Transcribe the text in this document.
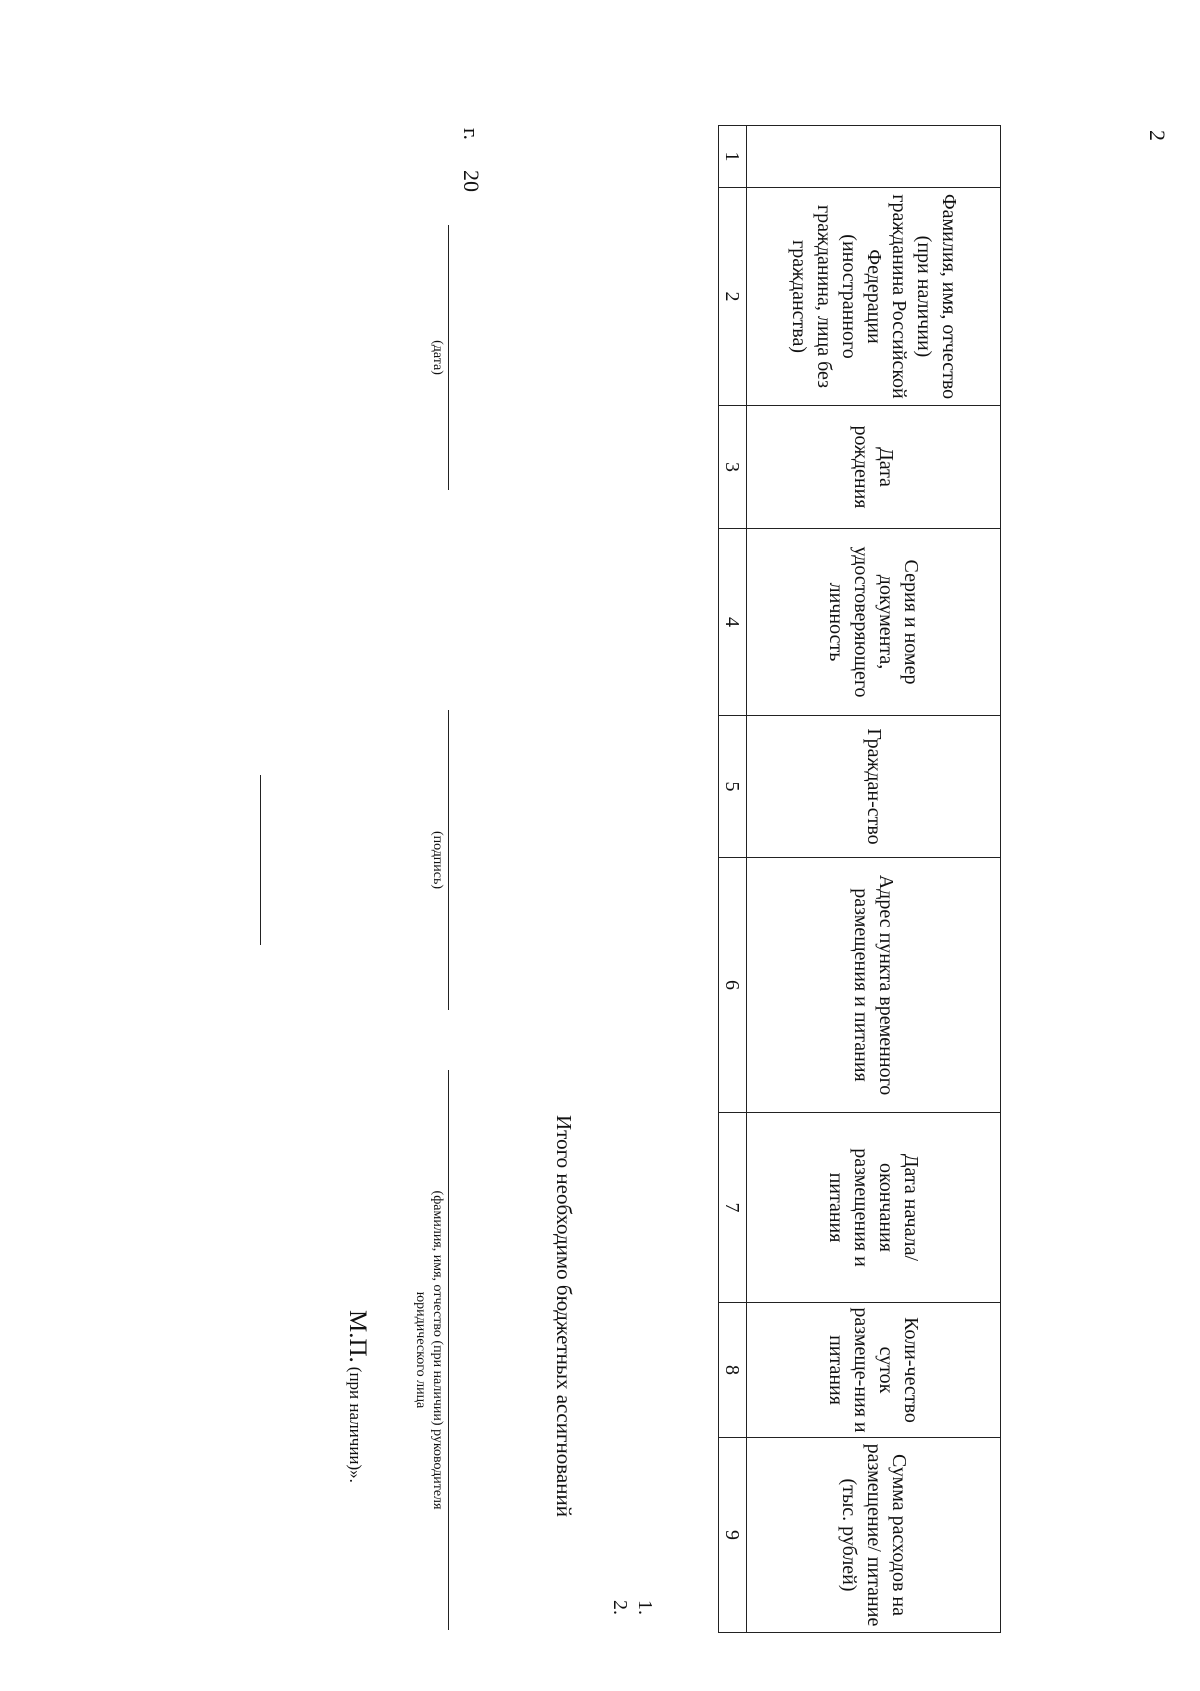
2
	Фамилия, имя, отчество (при наличии) гражданина Российской Федерации (иностранного гражданина, лица без гражданства)	Дата рождения	Серия и номер документа, удостоверяющего личность	Граждан-ство	Адрес пункта временного размещения и питания	Дата начала/ окончания размещения и питания	Коли-чество суток размеще-ния и питания	Сумма расходов на размещение/ питание (тыс. рублей)
1	2	3	4	5	6	7	8	9
1.
2.
Итого необходимо бюджетных ассигнований
(фамилия, имя, отчество (при наличии) руководителя
юридического лица
(подпись)
(дата)
г.
20
М.П. (при наличии)».
